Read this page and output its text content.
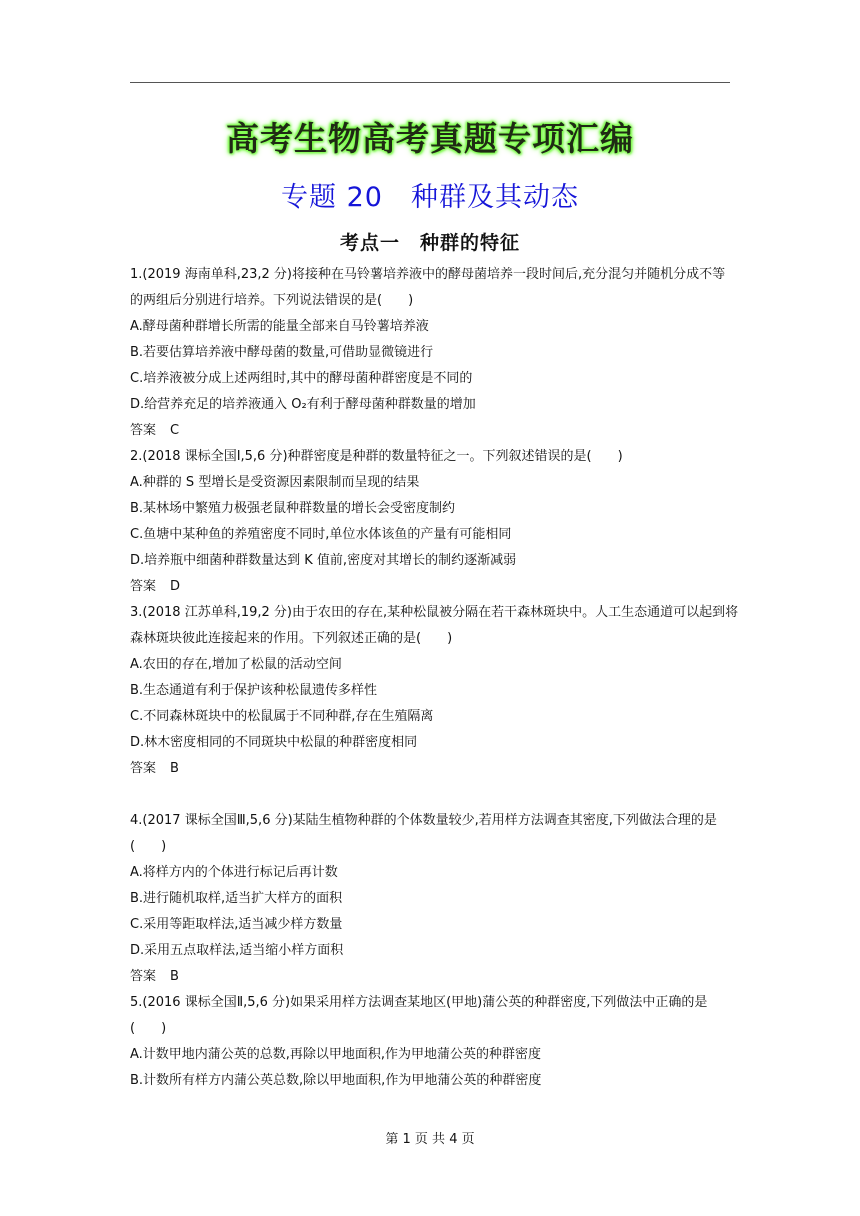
高考生物高考真题专项汇编
专题 20　种群及其动态
考点一　种群的特征
1.(2019 海南单科,23,2 分)将接种在马铃薯培养液中的酵母菌培养一段时间后,充分混匀并随机分成不等
的两组后分别进行培养。下列说法错误的是(　　)
A.酵母菌种群增长所需的能量全部来自马铃薯培养液
B.若要估算培养液中酵母菌的数量,可借助显微镜进行
C.培养液被分成上述两组时,其中的酵母菌种群密度是不同的
D.给营养充足的培养液通入 O₂有利于酵母菌种群数量的增加
答案 C
2.(2018 课标全国Ⅰ,5,6 分)种群密度是种群的数量特征之一。下列叙述错误的是(　　)
A.种群的 S 型增长是受资源因素限制而呈现的结果
B.某林场中繁殖力极强老鼠种群数量的增长会受密度制约
C.鱼塘中某种鱼的养殖密度不同时,单位水体该鱼的产量有可能相同
D.培养瓶中细菌种群数量达到 K 值前,密度对其增长的制约逐渐减弱
答案 D
3.(2018 江苏单科,19,2 分)由于农田的存在,某种松鼠被分隔在若干森林斑块中。人工生态通道可以起到将
森林斑块彼此连接起来的作用。下列叙述正确的是(　　)
A.农田的存在,增加了松鼠的活动空间
B.生态通道有利于保护该种松鼠遗传多样性
C.不同森林斑块中的松鼠属于不同种群,存在生殖隔离
D.林木密度相同的不同斑块中松鼠的种群密度相同
答案 B
4.(2017 课标全国Ⅲ,5,6 分)某陆生植物种群的个体数量较少,若用样方法调查其密度,下列做法合理的是
(　　)
A.将样方内的个体进行标记后再计数
B.进行随机取样,适当扩大样方的面积
C.采用等距取样法,适当减少样方数量
D.采用五点取样法,适当缩小样方面积
答案 B
5.(2016 课标全国Ⅱ,5,6 分)如果采用样方法调查某地区(甲地)蒲公英的种群密度,下列做法中正确的是
(　　)
A.计数甲地内蒲公英的总数,再除以甲地面积,作为甲地蒲公英的种群密度
B.计数所有样方内蒲公英总数,除以甲地面积,作为甲地蒲公英的种群密度
第 1 页 共 4 页
